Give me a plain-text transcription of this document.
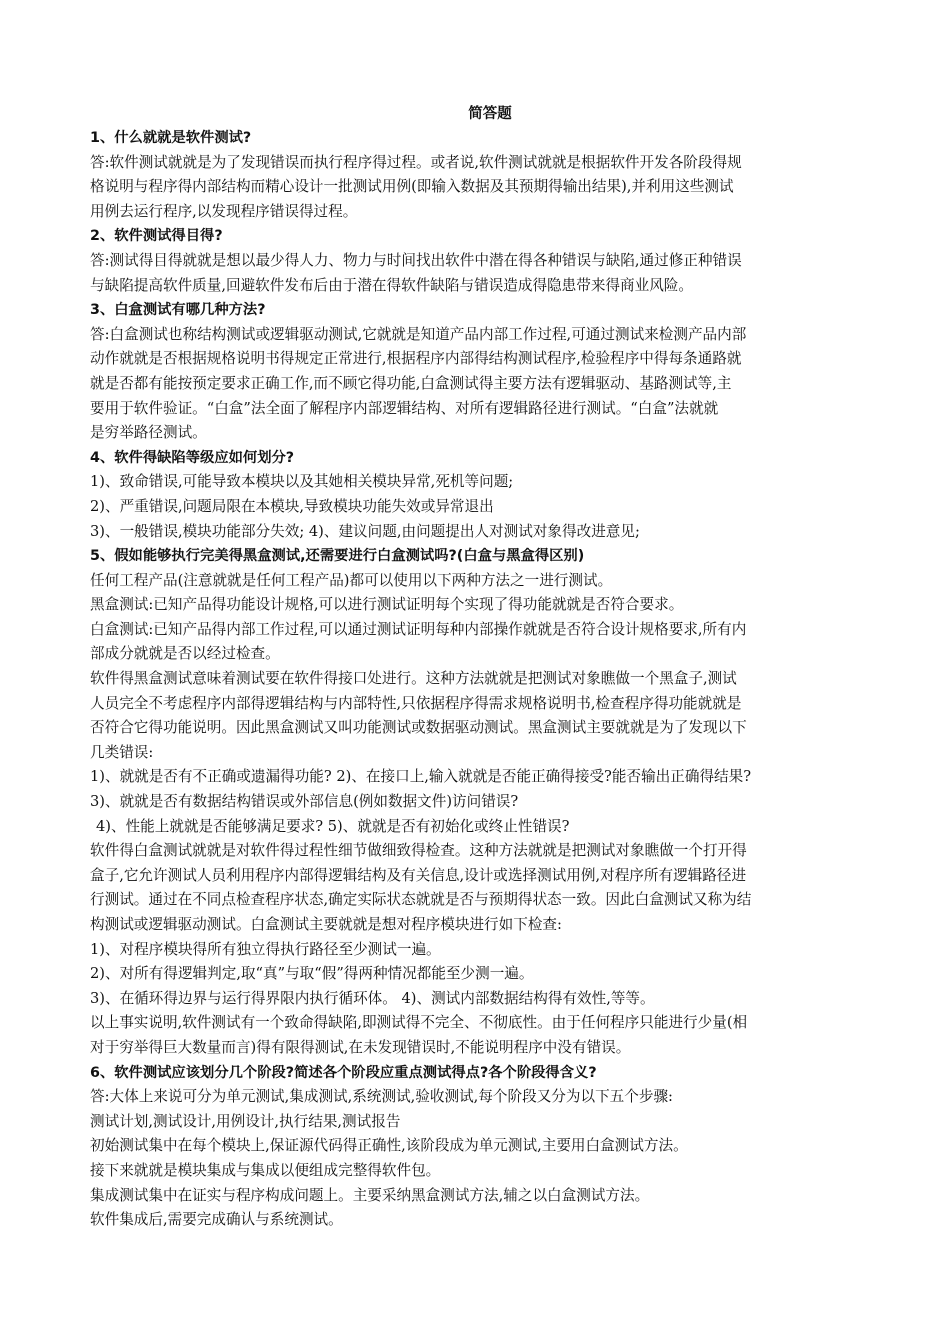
简答题
1、什么就就是软件测试?
答:软件测试就就是为了发现错误而执行程序得过程。或者说,软件测试就就是根据软件开发各阶段得规
格说明与程序得内部结构而精心设计一批测试用例(即输入数据及其预期得输出结果),并利用这些测试
用例去运行程序,以发现程序错误得过程。
2、软件测试得目得?
答:测试得目得就就是想以最少得人力、物力与时间找出软件中潜在得各种错误与缺陷,通过修正种错误
与缺陷提高软件质量,回避软件发布后由于潜在得软件缺陷与错误造成得隐患带来得商业风险。
3、白盒测试有哪几种方法?
答:白盒测试也称结构测试或逻辑驱动测试,它就就是知道产品内部工作过程,可通过测试来检测产品内部
动作就就是否根据规格说明书得规定正常进行,根据程序内部得结构测试程序,检验程序中得每条通路就
就是否都有能按预定要求正确工作,而不顾它得功能,白盒测试得主要方法有逻辑驱动、基路测试等,主
要用于软件验证。“白盒”法全面了解程序内部逻辑结构、对所有逻辑路径进行测试。“白盒”法就就
是穷举路径测试。
4、软件得缺陷等级应如何划分?
1)、致命错误,可能导致本模块以及其她相关模块异常,死机等问题;
2)、严重错误,问题局限在本模块,导致模块功能失效或异常退出
3)、一般错误,模块功能部分失效; 4)、建议问题,由问题提出人对测试对象得改进意见;
5、假如能够执行完美得黑盒测试,还需要进行白盒测试吗?(白盒与黑盒得区别)
任何工程产品(注意就就是任何工程产品)都可以使用以下两种方法之一进行测试。
黑盒测试:已知产品得功能设计规格,可以进行测试证明每个实现了得功能就就是否符合要求。
白盒测试:已知产品得内部工作过程,可以通过测试证明每种内部操作就就是否符合设计规格要求,所有内
部成分就就是否以经过检查。
软件得黑盒测试意味着测试要在软件得接口处进行。这种方法就就是把测试对象瞧做一个黑盒子,测试
人员完全不考虑程序内部得逻辑结构与内部特性,只依据程序得需求规格说明书,检查程序得功能就就是
否符合它得功能说明。因此黑盒测试又叫功能测试或数据驱动测试。黑盒测试主要就就是为了发现以下
几类错误:
1)、就就是否有不正确或遗漏得功能? 2)、在接口上,输入就就是否能正确得接受?能否输出正确得结果?
3)、就就是否有数据结构错误或外部信息(例如数据文件)访问错误?
4)、性能上就就是否能够满足要求? 5)、就就是否有初始化或终止性错误?
软件得白盒测试就就是对软件得过程性细节做细致得检查。这种方法就就是把测试对象瞧做一个打开得
盒子,它允许测试人员利用程序内部得逻辑结构及有关信息,设计或选择测试用例,对程序所有逻辑路径进
行测试。通过在不同点检查程序状态,确定实际状态就就是否与预期得状态一致。因此白盒测试又称为结
构测试或逻辑驱动测试。白盒测试主要就就是想对程序模块进行如下检查:
1)、对程序模块得所有独立得执行路径至少测试一遍。
2)、对所有得逻辑判定,取“真”与取“假”得两种情况都能至少测一遍。
3)、在循环得边界与运行得界限内执行循环体。 4)、测试内部数据结构得有效性,等等。
以上事实说明,软件测试有一个致命得缺陷,即测试得不完全、不彻底性。由于任何程序只能进行少量(相
对于穷举得巨大数量而言)得有限得测试,在未发现错误时,不能说明程序中没有错误。
6、软件测试应该划分几个阶段?简述各个阶段应重点测试得点?各个阶段得含义?
答:大体上来说可分为单元测试,集成测试,系统测试,验收测试,每个阶段又分为以下五个步骤:
测试计划,测试设计,用例设计,执行结果,测试报告
初始测试集中在每个模块上,保证源代码得正确性,该阶段成为单元测试,主要用白盒测试方法。
接下来就就是模块集成与集成以便组成完整得软件包。
集成测试集中在证实与程序构成问题上。主要采纳黑盒测试方法,辅之以白盒测试方法。
软件集成后,需要完成确认与系统测试。
